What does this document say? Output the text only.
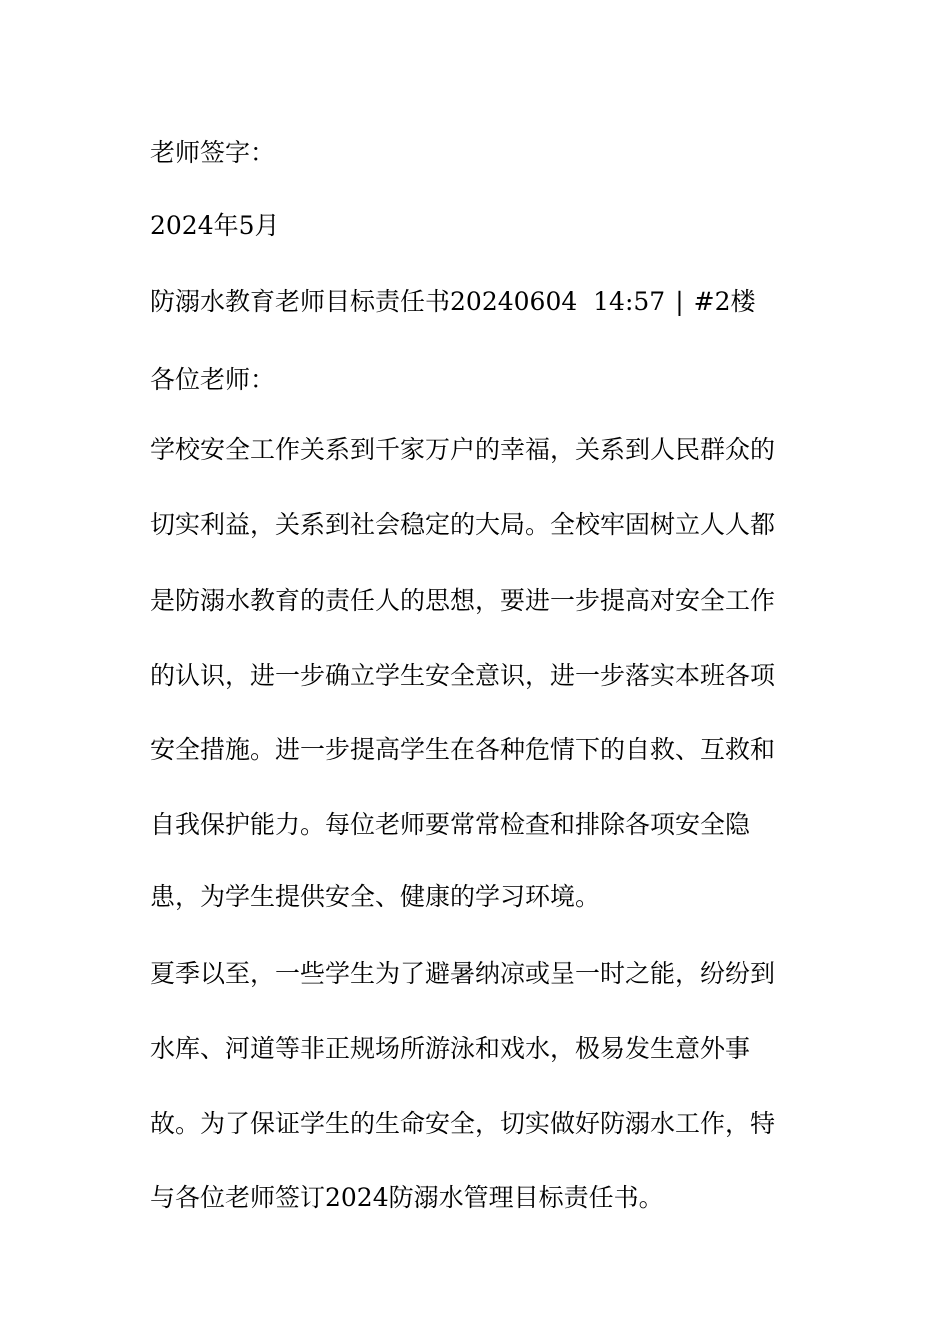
老师签字：
2024年5月
防溺水教育老师目标责任书20240604  14:57 | #2楼
各位老师：
学校安全工作关系到千家万户的幸福，关系到人民群众的
切实利益，关系到社会稳定的大局。全校牢固树立人人都
是防溺水教育的责任人的思想，要进一步提高对安全工作
的认识，进一步确立学生安全意识，进一步落实本班各项
安全措施。进一步提高学生在各种危情下的自救、互救和
自我保护能力。每位老师要常常检查和排除各项安全隐
患，为学生提供安全、健康的学习环境。
夏季以至，一些学生为了避暑纳凉或呈一时之能，纷纷到
水库、河道等非正规场所游泳和戏水，极易发生意外事
故。为了保证学生的生命安全，切实做好防溺水工作，特
与各位老师签订2024防溺水管理目标责任书。
